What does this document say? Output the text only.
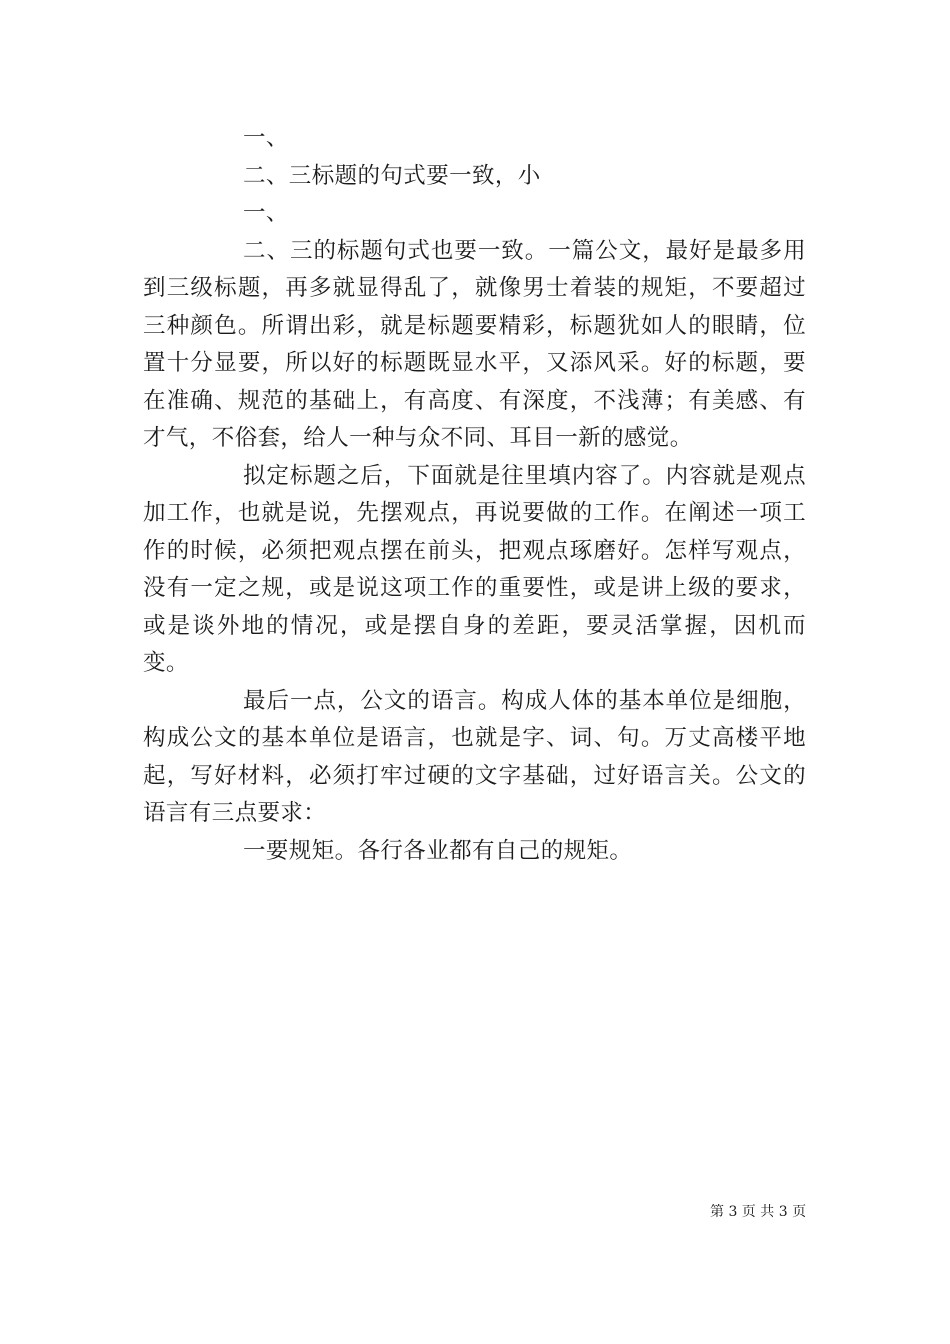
一、

二、三标题的句式要一致，小

一、

二、三的标题句式也要一致。一篇公文，最好是最多用到三级标题，再多就显得乱了，就像男士着装的规矩，不要超过三种颜色。所谓出彩，就是标题要精彩，标题犹如人的眼睛，位置十分显要，所以好的标题既显水平，又添风采。好的标题，要在准确、规范的基础上，有高度、有深度，不浅薄；有美感、有才气，不俗套，给人一种与众不同、耳目一新的感觉。

拟定标题之后，下面就是往里填内容了。内容就是观点加工作，也就是说，先摆观点，再说要做的工作。在阐述一项工作的时候，必须把观点摆在前头，把观点琢磨好。怎样写观点，没有一定之规，或是说这项工作的重要性，或是讲上级的要求，或是谈外地的情况，或是摆自身的差距，要灵活掌握，因机而变。

最后一点，公文的语言。构成人体的基本单位是细胞，构成公文的基本单位是语言，也就是字、词、句。万丈高楼平地起，写好材料，必须打牢过硬的文字基础，过好语言关。公文的语言有三点要求：

一要规矩。各行各业都有自己的规矩。

第 3 页 共 3 页
